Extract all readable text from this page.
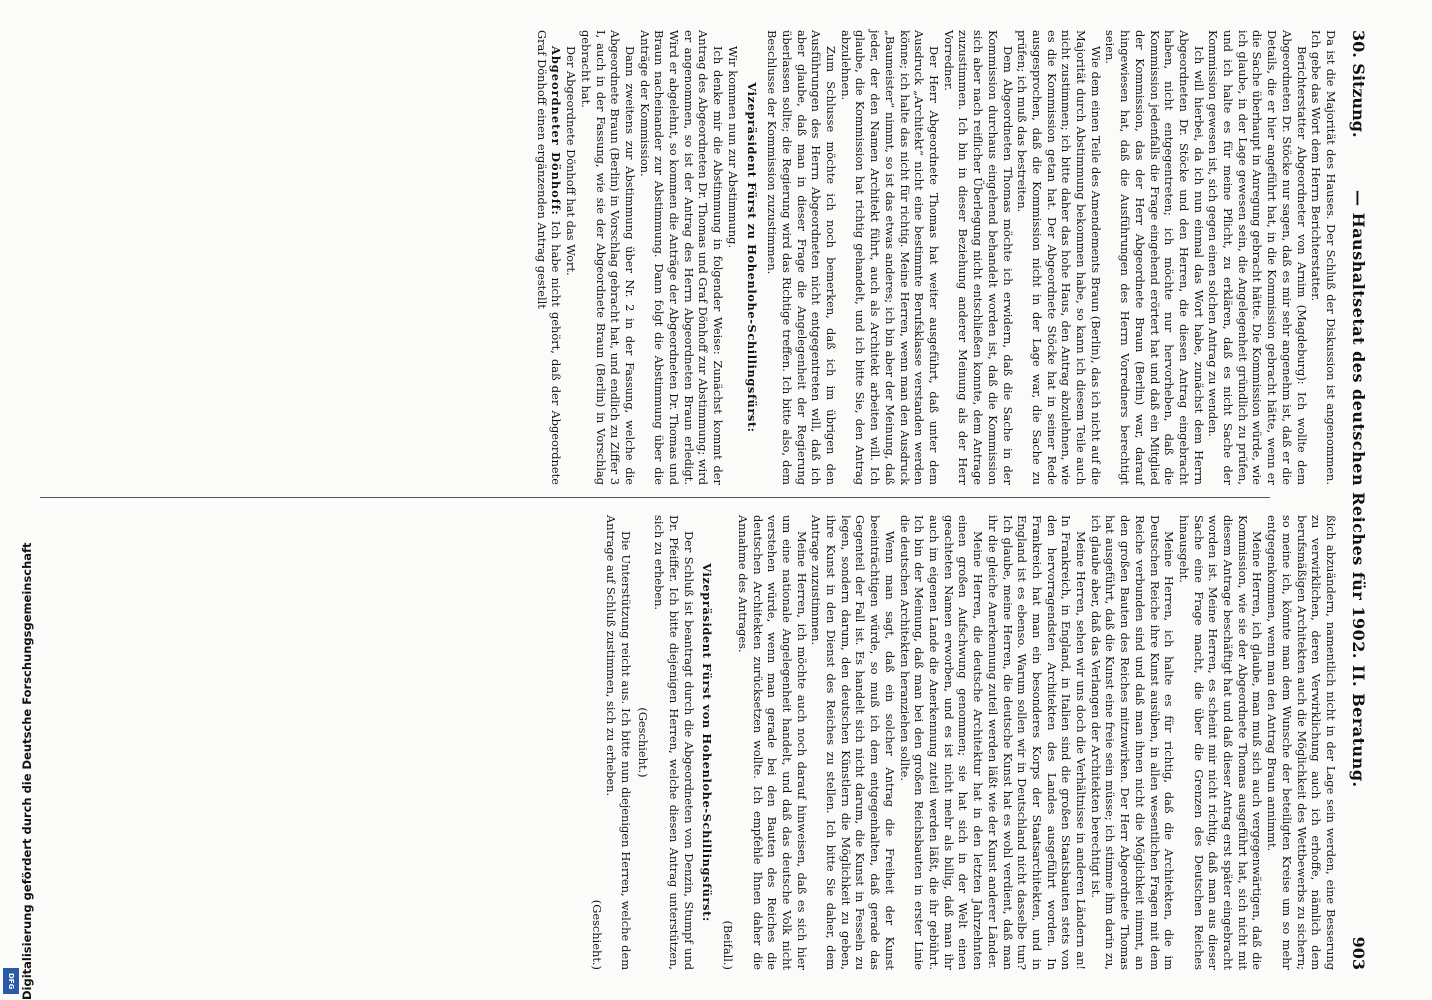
30. Sitzung.
— Haushaltsetat des deutschen Reiches für 1902. II. Beratung.
903

Da ist die Majorität des Hauses. Der Schluß der Diskussion ist angenommen. Ich gebe das Wort dem Herrn Berichterstatter.

Berichterstatter Abgeordneter von Arnim (Magdeburg): Ich wollte dem Abgeordneten Dr. Stöcke nur sagen, daß es mir sehr angenehm ist, daß er die Details, die er hier angeführt hat, in die Kommission gebracht hätte, wenn er die Sache überhaupt in Anregung gebracht hätte. Die Kommission würde, wie ich glaube, in der Lage gewesen sein, die Angelegenheit gründlich zu prüfen, und ich halte es für meine Pflicht, zu erklären, daß es nicht Sache der Kommission gewesen ist, sich gegen einen solchen Antrag zu wenden.

Ich will hierbei, da ich nun einmal das Wort habe, zunächst dem Herrn Abgeordneten Dr. Stöcke und den Herren, die diesen Antrag eingebracht haben, nicht entgegentreten; ich möchte nur hervorheben, daß die Kommission jedenfalls die Frage eingehend erörtert hat und daß ein Mitglied der Kommission, das der Herr Abgeordnete Braun (Berlin) war, darauf hingewiesen hat, daß die Ausführungen des Herrn Vorredners berechtigt seien.

Wie dem einen Teile des Amendements Braun (Berlin), das ich nicht auf die Majorität durch Abstimmung bekommen habe, so kann ich diesem Teile auch nicht zustimmen; ich bitte daher das hohe Haus, den Antrag abzulehnen, wie es die Kommission getan hat. Der Abgeordnete Stöcke hat in seiner Rede ausgesprochen, daß die Kommission nicht in der Lage war, die Sache zu prüfen; ich muß das bestreiten.

Dem Abgeordneten Thomas möchte ich erwidern, daß die Sache in der Kommission durchaus eingehend behandelt worden ist, daß die Kommission sich aber nach reiflicher Überlegung nicht entschließen konnte, dem Antrage zuzustimmen. Ich bin in dieser Beziehung anderer Meinung als der Herr Vorredner.

Der Herr Abgeordnete Thomas hat weiter ausgeführt, daß unter dem Ausdruck „Architekt“ nicht eine bestimmte Berufsklasse verstanden werden könne; ich halte das nicht für richtig. Meine Herren, wenn man den Ausdruck „Baumeister“ nimmt, so ist das etwas anderes; ich bin aber der Meinung, daß jeder, der den Namen Architekt führt, auch als Architekt arbeiten will. Ich glaube, die Kommission hat richtig gehandelt, und ich bitte Sie, den Antrag abzulehnen.

Zum Schlusse möchte ich noch bemerken, daß ich im übrigen den Ausführungen des Herrn Abgeordneten nicht entgegentreten will, daß ich aber glaube, daß man in dieser Frage die Angelegenheit der Regierung überlassen sollte; die Regierung wird das Richtige treffen. Ich bitte also, dem Beschlusse der Kommission zuzustimmen.

Vizepräsident Fürst zu Hohenlohe-Schillingsfürst:

Wir kommen nun zur Abstimmung.

Ich denke mir die Abstimmung in folgender Weise: Zunächst kommt der Antrag des Abgeordneten Dr. Thomas und Graf Dönhoff zur Abstimmung; wird er angenommen, so ist der Antrag des Herrn Abgeordneten Braun erledigt. Wird er abgelehnt, so kommen die Anträge der Abgeordneten Dr. Thomas und Braun nacheinander zur Abstimmung. Dann folgt die Abstimmung über die Anträge der Kommission.

Dann zweitens zur Abstimmung über Nr. 2 in der Fassung, welche die Abgeordnete Braun (Berlin) in Vorschlag gebracht hat, und endlich zu Ziffer 3 I, auch in der Fassung, wie sie der Abgeordnete Braun (Berlin) in Vorschlag gebracht hat.

Der Abgeordnete Dönhoff hat das Wort.

Abgeordneter Dönhoff: Ich habe nicht gehört, daß der Abgeordnete Graf Dönhoff einen ergänzenden Antrag gestellt

ßich abzuändern, namentlich nicht in der Lage sein werden, eine Besserung zu verwirklichen, deren Verwirklichung auch ich erhoffe, nämlich dem berufsmäßigen Architekten auch die Möglichkeit des Wettbewerbs zu sichern; so meine ich, könnte man dem Wunsche der beteiligten Kreise um so mehr entgegenkommen, wenn man den Antrag Braun annimmt.

Meine Herren, ich glaube, man muß sich auch vergegenwärtigen, daß die Kommission, wie sie der Abgeordnete Thomas ausgeführt hat, sich nicht mit diesem Antrage beschäftigt hat und daß dieser Antrag erst später eingebracht worden ist. Meine Herren, es scheint mir nicht richtig, daß man aus dieser Sache eine Frage macht, die über die Grenzen des Deutschen Reiches hinausgeht.

Meine Herren, ich halte es für richtig, daß die Architekten, die im Deutschen Reiche ihre Kunst ausüben, in allen wesentlichen Fragen mit dem Reiche verbunden sind und daß man ihnen nicht die Möglichkeit nimmt, an den großen Bauten des Reiches mitzuwirken. Der Herr Abgeordnete Thomas hat ausgeführt, daß die Kunst eine freie sein müsse; ich stimme ihm darin zu, ich glaube aber, daß das Verlangen der Architekten berechtigt ist.

Meine Herren, sehen wir uns doch die Verhältnisse in anderen Ländern an! In Frankreich, in England, in Italien sind die großen Staatsbauten stets von den hervorragendsten Architekten des Landes ausgeführt worden. In Frankreich hat man ein besonderes Korps der Staatsarchitekten, und in England ist es ebenso. Warum sollen wir in Deutschland nicht dasselbe tun? Ich glaube, meine Herren, die deutsche Kunst hat es wohl verdient, daß man ihr die gleiche Anerkennung zuteil werden läßt wie der Kunst anderer Länder.

Meine Herren, die deutsche Architektur hat in den letzten Jahrzehnten einen großen Aufschwung genommen; sie hat sich in der Welt einen geachteten Namen erworben, und es ist nicht mehr als billig, daß man ihr auch im eigenen Lande die Anerkennung zuteil werden läßt, die ihr gebührt. Ich bin der Meinung, daß man bei den großen Reichsbauten in erster Linie die deutschen Architekten heranziehen sollte.

Wenn man sagt, daß ein solcher Antrag die Freiheit der Kunst beeinträchtigen würde, so muß ich dem entgegenhalten, daß gerade das Gegenteil der Fall ist. Es handelt sich nicht darum, die Kunst in Fesseln zu legen, sondern darum, den deutschen Künstlern die Möglichkeit zu geben, ihre Kunst in den Dienst des Reiches zu stellen. Ich bitte Sie daher, dem Antrage zuzustimmen.

Meine Herren, ich möchte auch noch darauf hinweisen, daß es sich hier um eine nationale Angelegenheit handelt, und daß das deutsche Volk nicht verstehen würde, wenn man gerade bei den Bauten des Reiches die deutschen Architekten zurücksetzen wollte. Ich empfehle Ihnen daher die Annahme des Antrages.

(Beifall.)

Vizepräsident Fürst von Hohenlohe-Schillingsfürst:

Der Schluß ist beantragt durch die Abgeordneten von Denzin, Stumpf und Dr. Pfeiffer. Ich bitte diejenigen Herren, welche diesen Antrag unterstützen, sich zu erheben.

(Geschieht.)

Die Unterstützung reicht aus. Ich bitte nun diejenigen Herren, welche dem Antrage auf Schluß zustimmen, sich zu erheben.

(Geschieht.)

Digitalisierung gefördert durch die Deutsche Forschungsgemeinschaft
DFG
